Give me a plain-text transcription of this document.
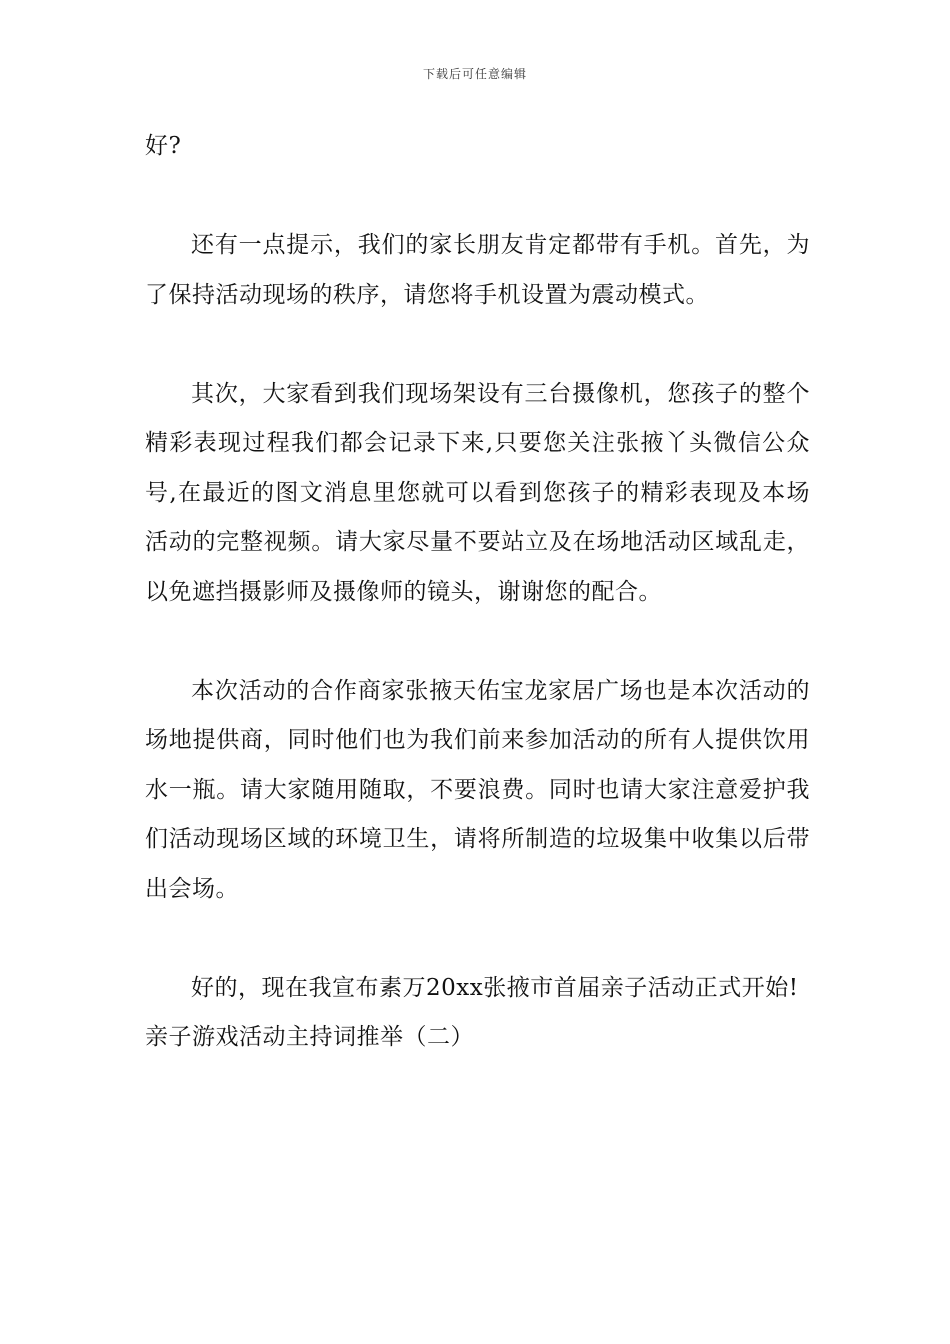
下载后可任意编辑

好?

还有一点提示，我们的家长朋友肯定都带有手机。首先，为了保持活动现场的秩序，请您将手机设置为震动模式。

其次，大家看到我们现场架设有三台摄像机，您孩子的整个精彩表现过程我们都会记录下来,只要您关注张掖丫头微信公众号,在最近的图文消息里您就可以看到您孩子的精彩表现及本场活动的完整视频。请大家尽量不要站立及在场地活动区域乱走，以免遮挡摄影师及摄像师的镜头，谢谢您的配合。

本次活动的合作商家张掖天佑宝龙家居广场也是本次活动的场地提供商，同时他们也为我们前来参加活动的所有人提供饮用水一瓶。请大家随用随取，不要浪费。同时也请大家注意爱护我们活动现场区域的环境卫生，请将所制造的垃圾集中收集以后带出会场。

好的，现在我宣布素万20xx张掖市首届亲子活动正式开始!

亲子游戏活动主持词推举（二）
